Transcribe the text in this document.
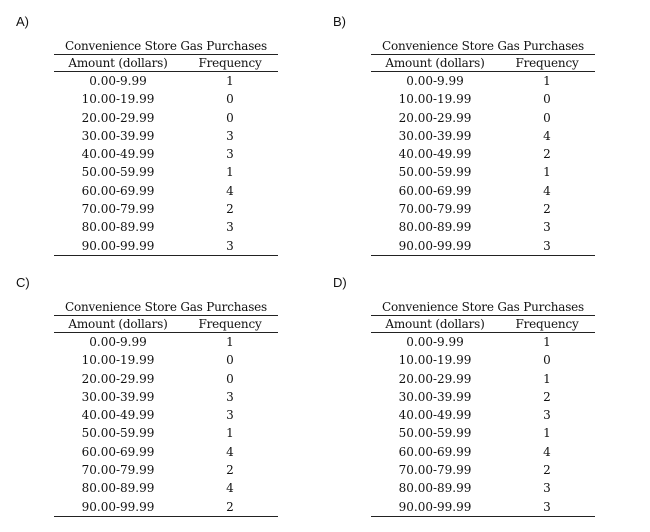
A)
Convenience Store Gas Purchases
Amount (dollars)	Frequency
0.00-9.99	1
10.00-19.99	0
20.00-29.99	0
30.00-39.99	3
40.00-49.99	3
50.00-59.99	1
60.00-69.99	4
70.00-79.99	2
80.00-89.99	3
90.00-99.99	3
B)
Convenience Store Gas Purchases
Amount (dollars)	Frequency
0.00-9.99	1
10.00-19.99	0
20.00-29.99	0
30.00-39.99	4
40.00-49.99	2
50.00-59.99	1
60.00-69.99	4
70.00-79.99	2
80.00-89.99	3
90.00-99.99	3
C)
Convenience Store Gas Purchases
Amount (dollars)	Frequency
0.00-9.99	1
10.00-19.99	0
20.00-29.99	0
30.00-39.99	3
40.00-49.99	3
50.00-59.99	1
60.00-69.99	4
70.00-79.99	2
80.00-89.99	4
90.00-99.99	2
D)
Convenience Store Gas Purchases
Amount (dollars)	Frequency
0.00-9.99	1
10.00-19.99	0
20.00-29.99	1
30.00-39.99	2
40.00-49.99	3
50.00-59.99	1
60.00-69.99	4
70.00-79.99	2
80.00-89.99	3
90.00-99.99	3
